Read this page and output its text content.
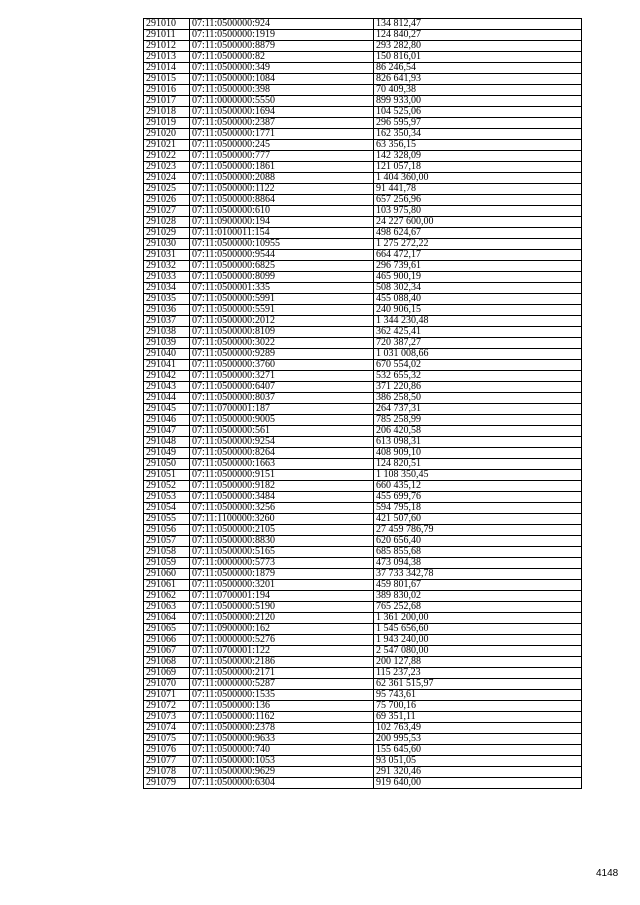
291010	07:11:0500000:924	134 812,47
291011	07:11:0500000:1919	124 840,27
291012	07:11:0500000:8879	293 282,80
291013	07:11:0500000:82	150 816,01
291014	07:11:0500000:349	86 246,54
291015	07:11:0500000:1084	826 641,93
291016	07:11:0500000:398	70 409,38
291017	07:11:0000000:5550	899 933,00
291018	07:11:0500000:1694	104 525,06
291019	07:11:0500000:2387	296 595,97
291020	07:11:0500000:1771	162 350,34
291021	07:11:0500000:245	63 356,15
291022	07:11:0500000:777	142 328,09
291023	07:11:0500000:1861	121 057,18
291024	07:11:0500000:2088	1 404 360,00
291025	07:11:0500000:1122	91 441,78
291026	07:11:0500000:8864	657 256,96
291027	07:11:0500000:610	103 975,80
291028	07:11:0900000:194	24 227 600,00
291029	07:11:0100011:154	498 624,67
291030	07:11:0500000:10955	1 275 272,22
291031	07:11:0500000:9544	664 472,17
291032	07:11:0500000:6825	296 739,61
291033	07:11:0500000:8099	465 900,19
291034	07:11:0500001:335	508 302,34
291035	07:11:0500000:5991	455 088,40
291036	07:11:0500000:5591	240 906,15
291037	07:11:0500000:2012	1 344 230,48
291038	07:11:0500000:8109	362 425,41
291039	07:11:0500000:3022	720 387,27
291040	07:11:0500000:9289	1 031 008,66
291041	07:11:0500000:3760	670 554,02
291042	07:11:0500000:3271	532 655,32
291043	07:11:0500000:6407	371 220,86
291044	07:11:0500000:8037	386 258,50
291045	07:11:0700001:187	264 737,31
291046	07:11:0500000:9005	785 258,99
291047	07:11:0500000:561	206 420,58
291048	07:11:0500000:9254	613 098,31
291049	07:11:0500000:8264	408 909,10
291050	07:11:0500000:1663	124 820,51
291051	07:11:0500000:9151	1 108 350,45
291052	07:11:0500000:9182	660 435,12
291053	07:11:0500000:3484	455 699,76
291054	07:11:0500000:3256	594 795,18
291055	07:11:1100000:3260	421 507,60
291056	07:11:0500000:2105	27 459 786,79
291057	07:11:0500000:8830	620 656,40
291058	07:11:0500000:5165	685 855,68
291059	07:11:0000000:5773	473 094,38
291060	07:11:0500000:1879	37 733 342,78
291061	07:11:0500000:3201	459 801,67
291062	07:11:0700001:194	389 830,02
291063	07:11:0500000:5190	765 252,68
291064	07:11:0500000:2120	1 361 200,00
291065	07:11:0900000:162	1 545 656,60
291066	07:11:0000000:5276	1 943 240,00
291067	07:11:0700001:122	2 547 080,00
291068	07:11:0500000:2186	200 127,88
291069	07:11:0500000:2171	115 237,23
291070	07:11:0000000:5287	62 361 515,97
291071	07:11:0500000:1535	95 743,61
291072	07:11:0500000:136	75 700,16
291073	07:11:0500000:1162	69 351,11
291074	07:11:0500000:2378	102 763,49
291075	07:11:0500000:9633	200 995,53
291076	07:11:0500000:740	155 645,60
291077	07:11:0500000:1053	93 051,05
291078	07:11:0500000:9629	291 320,46
291079	07:11:0500000:6304	919 640,00
4148
